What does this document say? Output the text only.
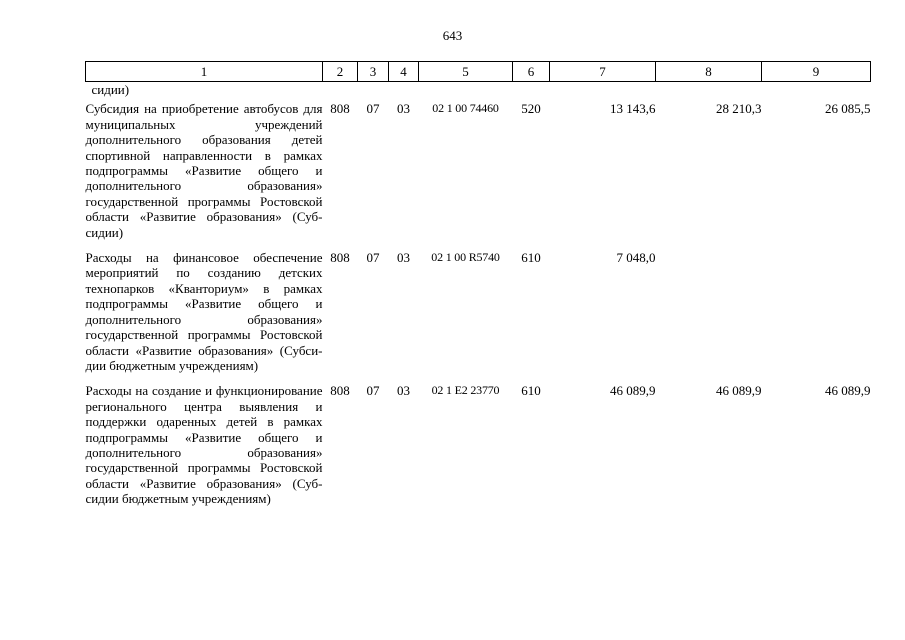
643
1	2	3	4	5	6	7	8	9
сидии)								
Субсидия на приобретение автобусов для муниципальных учреждений дополнительного образования детей спортивной направленности в рамках подпрограммы «Развитие общего и дополнительного образования» государственной программы Ростовской области «Развитие образования» (Субсидии)	808	07	03	02 1 00 74460	520	13 143,6	28 210,3	26 085,5
Расходы на финансовое обеспечение мероприятий по созданию детских технопарков «Кванториум» в рамках подпрограммы «Развитие общего и дополнительного образования» государственной программы Ростовской области «Развитие образования» (Субсидии бюджетным учреждениям)	808	07	03	02 1 00 R5740	610	7 048,0		
Расходы на создание и функционирование регионального центра выявления и поддержки одаренных детей в рамках подпрограммы «Развитие общего и дополнительного образования» государственной программы Ростовской области «Развитие образования» (Субсидии бюджетным учреждениям)	808	07	03	02 1 E2 23770	610	46 089,9	46 089,9	46 089,9
